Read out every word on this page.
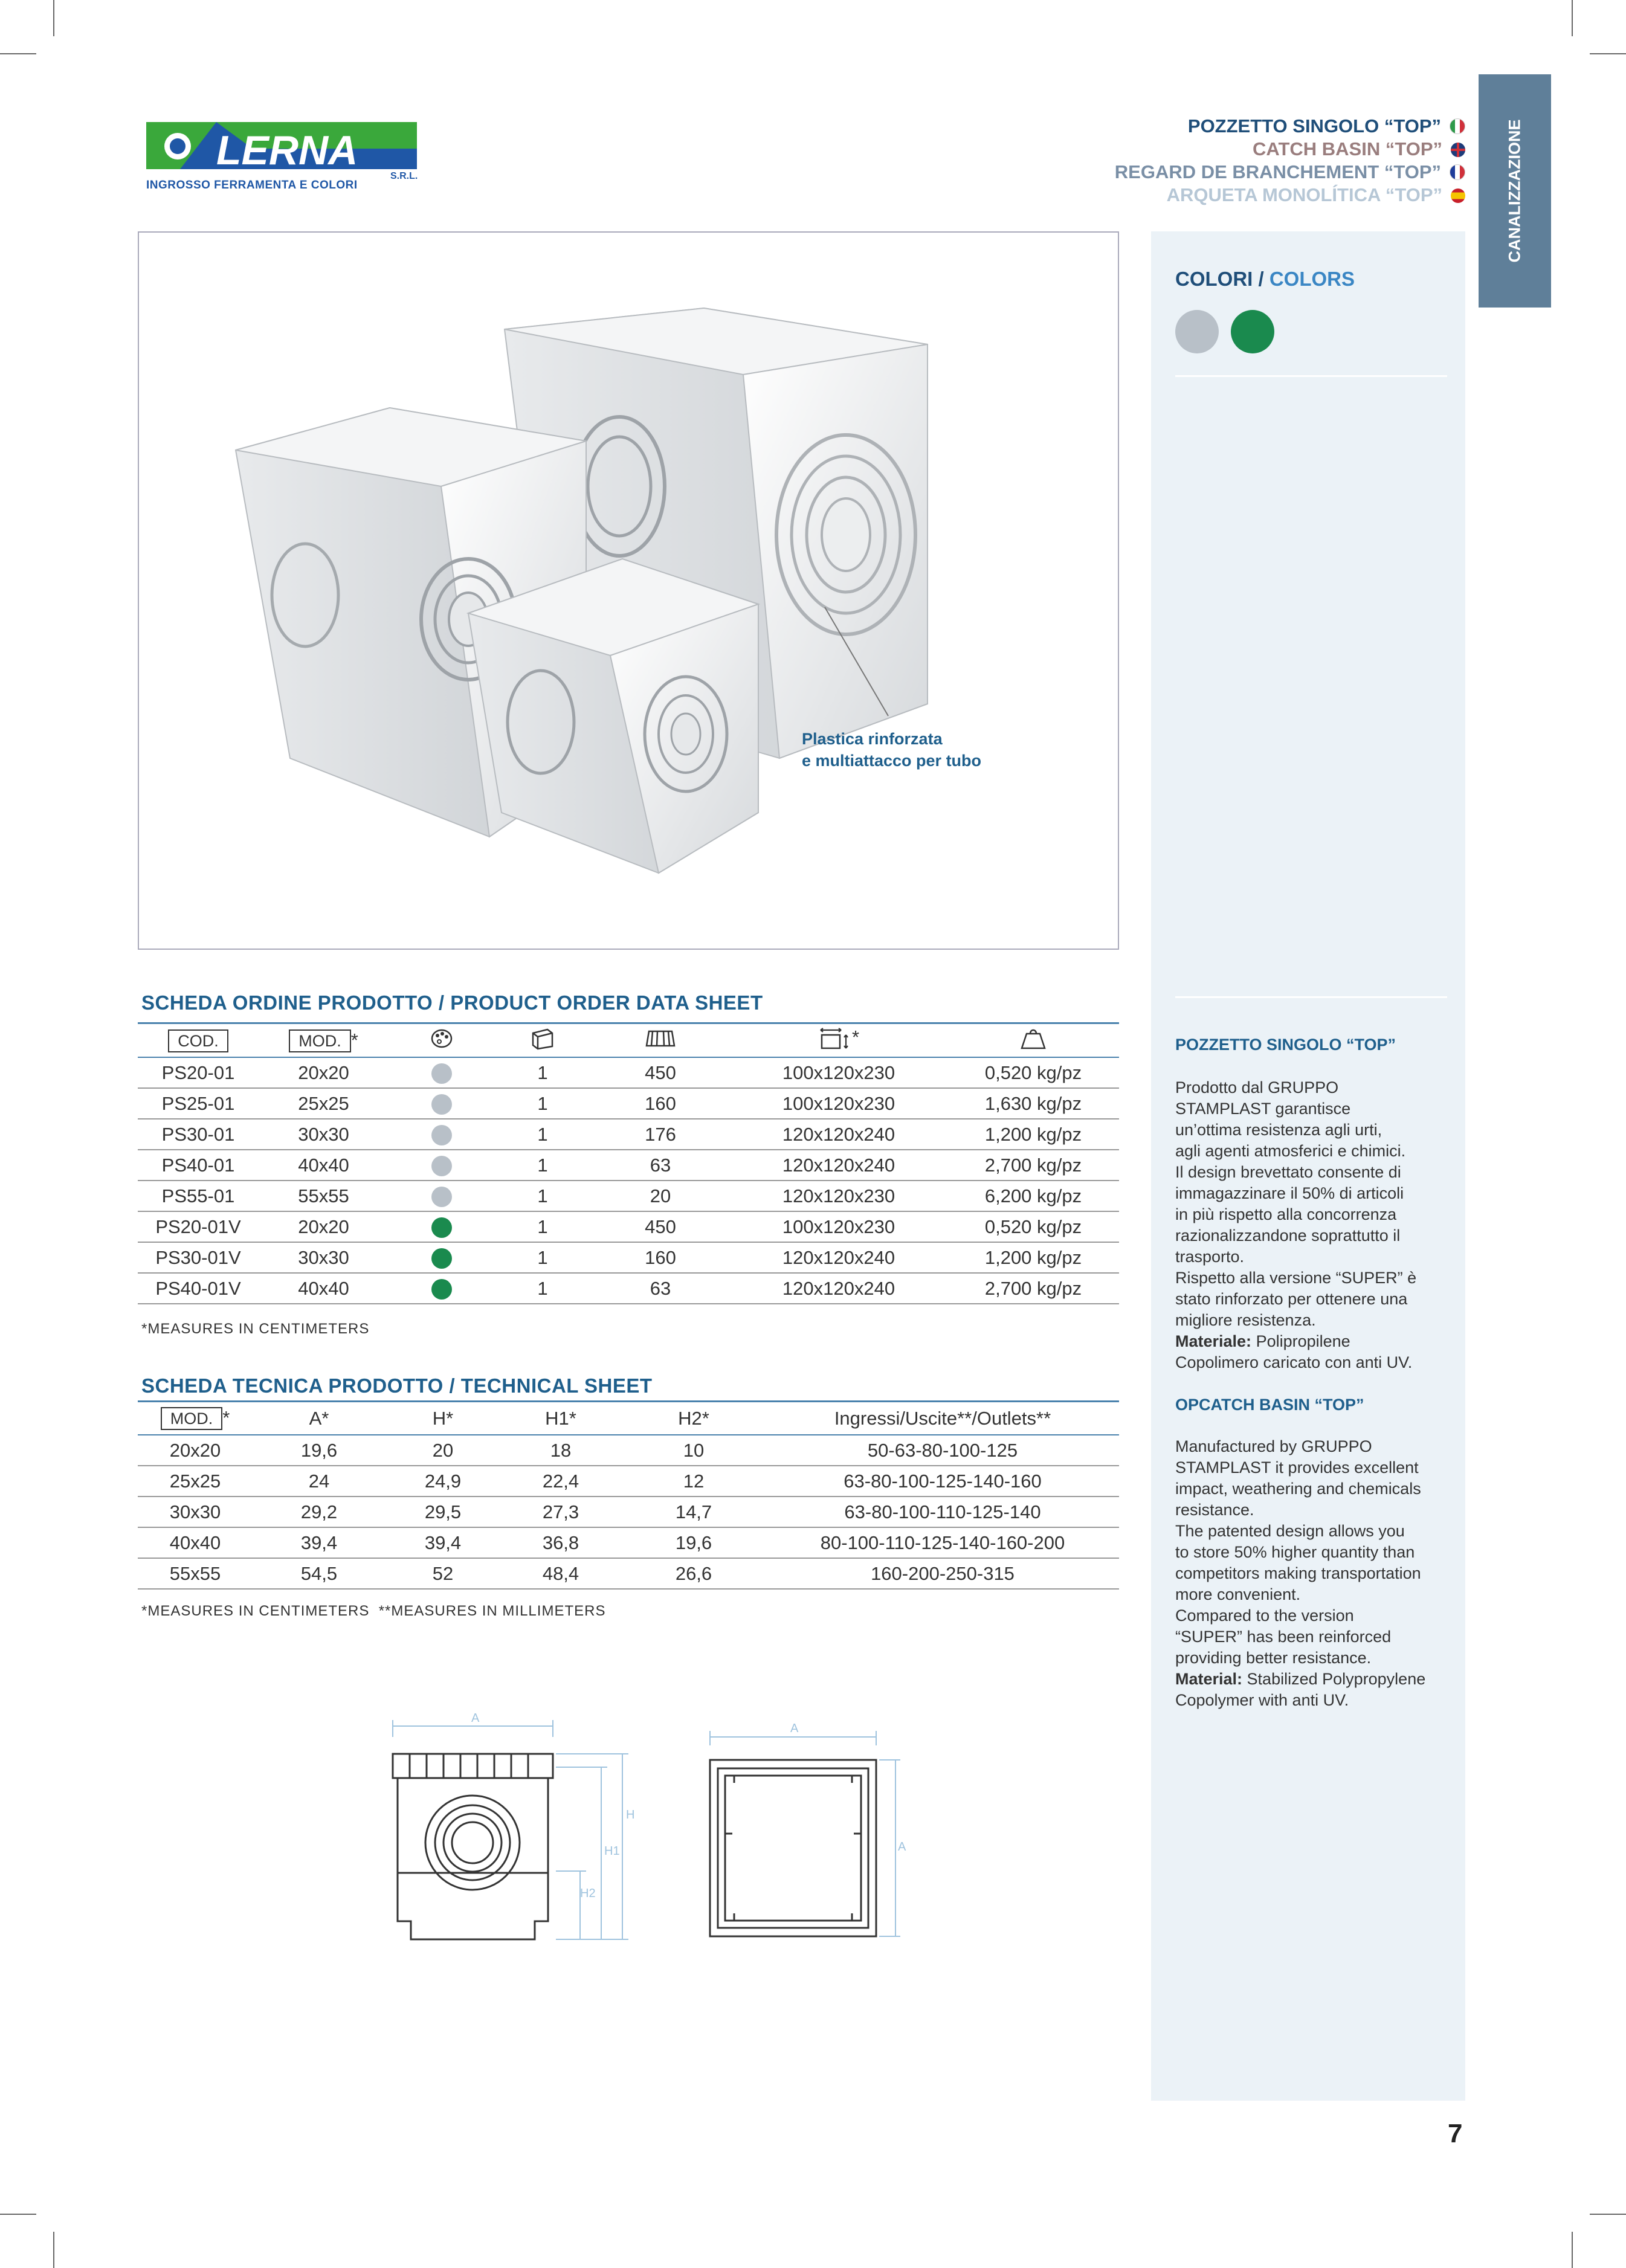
LERNA
S.R.L.
INGROSSO FERRAMENTA E COLORI
POZZETTO SINGOLO “TOP”
CATCH BASIN “TOP”
REGARD DE BRANCHEMENT “TOP”
ARQUETA MONOLÍTICA “TOP”	CANALIZZAZIONE
COLORI / COLORS
POZZETTO SINGOLO “TOP”
Prodotto dal GRUPPO
STAMPLAST garantisce
un’ottima resistenza agli urti,
agli agenti atmosferici e chimici.
Il design brevettato consente di
immagazzinare il 50% di articoli
in più rispetto alla concorrenza
razionalizzandone soprattutto il
trasporto.
Rispetto alla versione “SUPER” è
stato rinforzato per ottenere una
migliore resistenza.
Materiale: Polipropilene
Copolimero caricato con anti UV.
OPCATCH BASIN “TOP”
Manufactured by GRUPPO
STAMPLAST it provides excellent
impact, weathering and chemicals
resistance.
The patented design allows you
to store 50% higher quantity than
competitors making transportation
more convenient.
Compared to the version
“SUPER” has been reinforced
providing better resistance.
Material: Stabilized Polypropylene
Copolymer with anti UV.
Plastica rinforzata
e multiattacco per tubo
SCHEDA ORDINE PRODOTTO / PRODUCT ORDER DATA SHEET
COD.	MOD. *				*	
PS20-01	20x20		1	450	100x120x230	0,520 kg/pz
PS25-01	25x25		1	160	100x120x230	1,630 kg/pz
PS30-01	30x30		1	176	120x120x240	1,200 kg/pz
PS40-01	40x40		1	63	120x120x240	2,700 kg/pz
PS55-01	55x55		1	20	120x120x230	6,200 kg/pz
PS20-01V	20x20		1	450	100x120x230	0,520 kg/pz
PS30-01V	30x30		1	160	120x120x240	1,200 kg/pz
PS40-01V	40x40		1	63	120x120x240	2,700 kg/pz
*MEASURES IN CENTIMETERS
SCHEDA TECNICA PRODOTTO / TECHNICAL SHEET
MOD. *	A*	H*	H1*	H2*	Ingressi/Uscite**/Outlets**
20x20	19,6	20	18	10	50-63-80-100-125
25x25	24	24,9	22,4	12	63-80-100-125-140-160
30x30	29,2	29,5	27,3	14,7	63-80-100-110-125-140
40x40	39,4	39,4	36,8	19,6	80-100-110-125-140-160-200
55x55	54,5	52	48,4	26,6	160-200-250-315
*MEASURES IN CENTIMETERS  **MEASURES IN MILLIMETERS
A
H
H1
H2
A
A
7
